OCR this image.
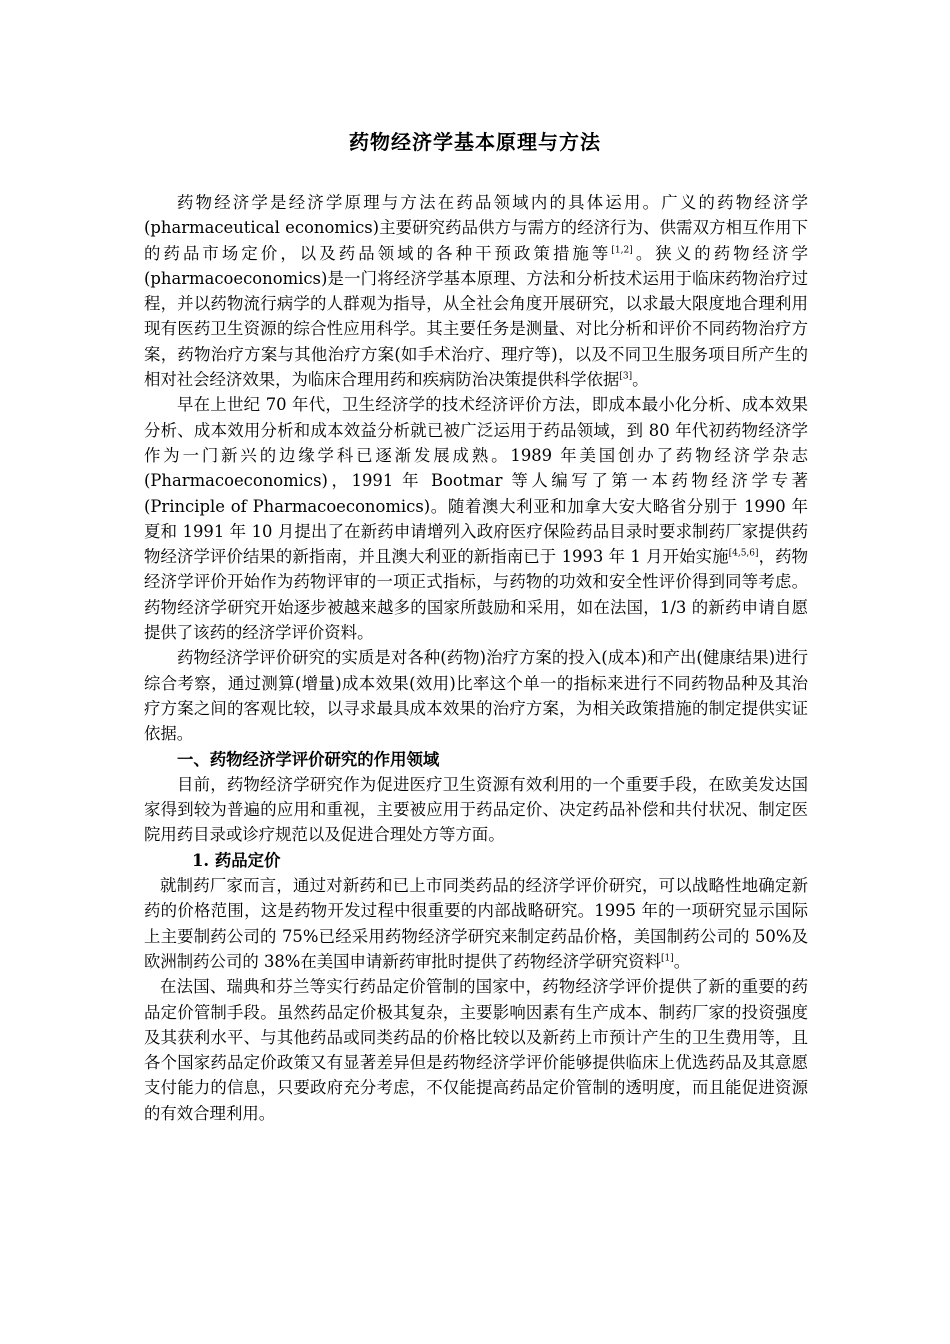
药物经济学基本原理与方法

药物经济学是经济学原理与方法在药品领域内的具体运用。广义的药物经济学(pharmaceutical economics)主要研究药品供方与需方的经济行为、供需双方相互作用下的药品市场定价，以及药品领域的各种干预政策措施等[1,2]。狭义的药物经济学(pharmacoeconomics)是一门将经济学基本原理、方法和分析技术运用于临床药物治疗过程，并以药物流行病学的人群观为指导，从全社会角度开展研究，以求最大限度地合理利用现有医药卫生资源的综合性应用科学。其主要任务是测量、对比分析和评价不同药物治疗方案，药物治疗方案与其他治疗方案(如手术治疗、理疗等)，以及不同卫生服务项目所产生的相对社会经济效果，为临床合理用药和疾病防治决策提供科学依据[3]。

早在上世纪 70 年代，卫生经济学的技术经济评价方法，即成本最小化分析、成本效果分析、成本效用分析和成本效益分析就已被广泛运用于药品领域，到 80 年代初药物经济学作为一门新兴的边缘学科已逐渐发展成熟。1989 年美国创办了药物经济学杂志(Pharmacoeconomics)，1991 年 Bootmar 等人编写了第一本药物经济学专著(Principle of Pharmacoeconomics)。随着澳大利亚和加拿大安大略省分别于 1990 年夏和 1991 年 10 月提出了在新药申请增列入政府医疗保险药品目录时要求制药厂家提供药物经济学评价结果的新指南，并且澳大利亚的新指南已于 1993 年 1 月开始实施[4,5,6]，药物经济学评价开始作为药物评审的一项正式指标，与药物的功效和安全性评价得到同等考虑。药物经济学研究开始逐步被越来越多的国家所鼓励和采用，如在法国，1/3 的新药申请自愿提供了该药的经济学评价资料。

药物经济学评价研究的实质是对各种(药物)治疗方案的投入(成本)和产出(健康结果)进行综合考察，通过测算(增量)成本效果(效用)比率这个单一的指标来进行不同药物品种及其治疗方案之间的客观比较，以寻求最具成本效果的治疗方案，为相关政策措施的制定提供实证依据。

一、药物经济学评价研究的作用领域

目前，药物经济学研究作为促进医疗卫生资源有效利用的一个重要手段，在欧美发达国家得到较为普遍的应用和重视，主要被应用于药品定价、决定药品补偿和共付状况、制定医院用药目录或诊疗规范以及促进合理处方等方面。

1. 药品定价

就制药厂家而言，通过对新药和已上市同类药品的经济学评价研究，可以战略性地确定新药的价格范围，这是药物开发过程中很重要的内部战略研究。1995 年的一项研究显示国际上主要制药公司的 75%已经采用药物经济学研究来制定药品价格，美国制药公司的 50%及欧洲制药公司的 38%在美国申请新药审批时提供了药物经济学研究资料[1]。

在法国、瑞典和芬兰等实行药品定价管制的国家中，药物经济学评价提供了新的重要的药品定价管制手段。虽然药品定价极其复杂，主要影响因素有生产成本、制药厂家的投资强度及其获利水平、与其他药品或同类药品的价格比较以及新药上市预计产生的卫生费用等，且各个国家药品定价政策又有显著差异但是药物经济学评价能够提供临床上优选药品及其意愿支付能力的信息，只要政府充分考虑，不仅能提高药品定价管制的透明度，而且能促进资源的有效合理利用。
